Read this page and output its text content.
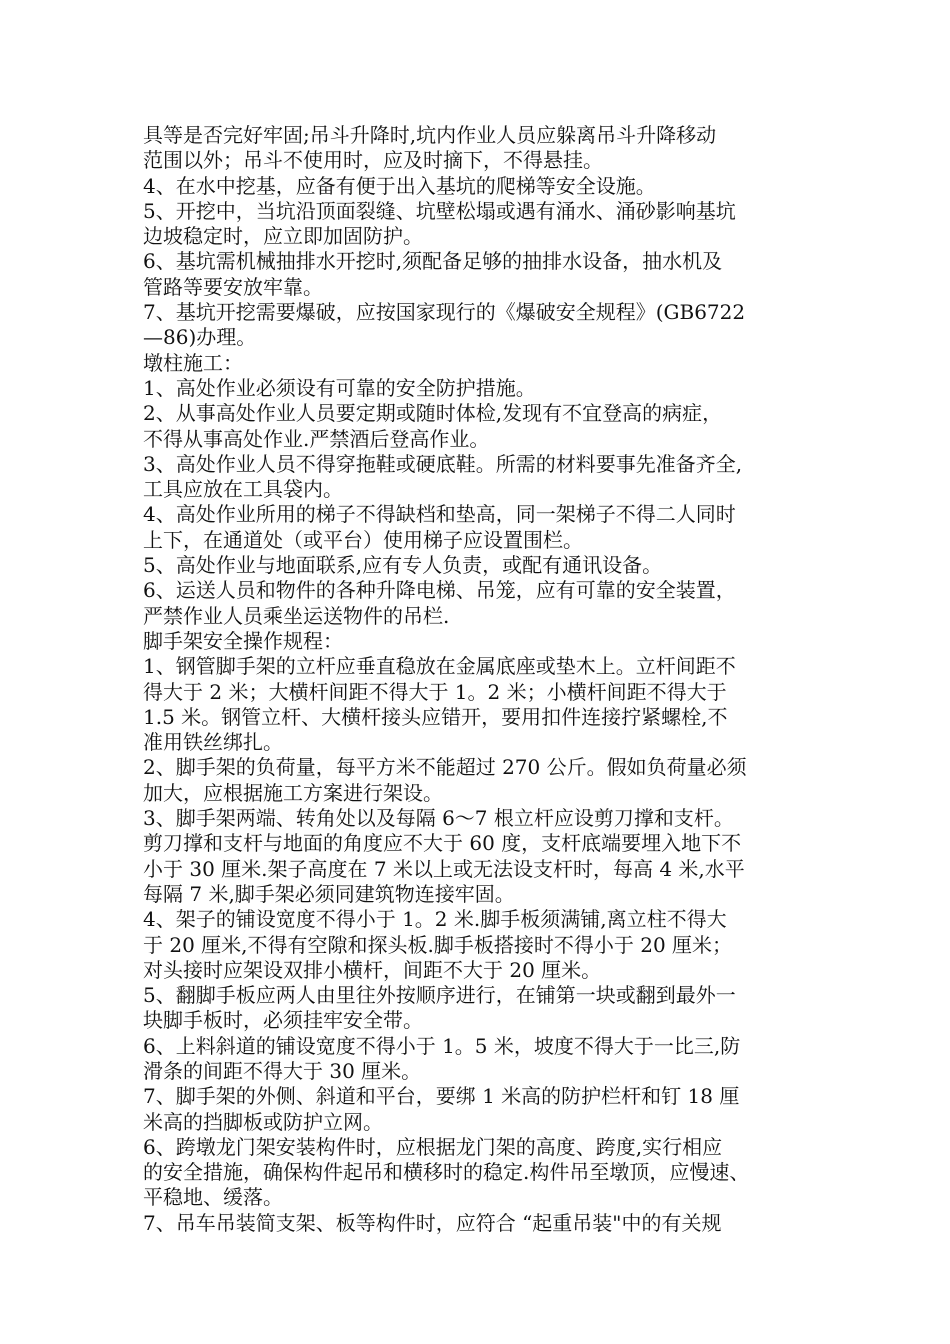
具等是否完好牢固;吊斗升降时,坑内作业人员应躲离吊斗升降移动
范围以外；吊斗不使用时，应及时摘下，不得悬挂。
4、在水中挖基，应备有便于出入基坑的爬梯等安全设施。
5、开挖中，当坑沿顶面裂缝、坑壁松塌或遇有涌水、涌砂影响基坑
边坡稳定时，应立即加固防护。
6、基坑需机械抽排水开挖时,须配备足够的抽排水设备，抽水机及
管路等要安放牢靠。
7、基坑开挖需要爆破，应按国家现行的《爆破安全规程》(GB6722
—86)办理。
墩柱施工：
1、高处作业必须设有可靠的安全防护措施。
2、从事高处作业人员要定期或随时体检,发现有不宜登高的病症，
不得从事高处作业.严禁酒后登高作业。
3、高处作业人员不得穿拖鞋或硬底鞋。所需的材料要事先准备齐全,
工具应放在工具袋内。
4、高处作业所用的梯子不得缺档和垫高，同一架梯子不得二人同时
上下，在通道处（或平台）使用梯子应设置围栏。
5、高处作业与地面联系,应有专人负责，或配有通讯设备。
6、运送人员和物件的各种升降电梯、吊笼，应有可靠的安全装置，
严禁作业人员乘坐运送物件的吊栏.
脚手架安全操作规程：
1、钢管脚手架的立杆应垂直稳放在金属底座或垫木上。立杆间距不
得大于 2 米；大横杆间距不得大于 1。2 米；小横杆间距不得大于
1.5 米。钢管立杆、大横杆接头应错开，要用扣件连接拧紧螺栓,不
准用铁丝绑扎。
2、脚手架的负荷量，每平方米不能超过 270 公斤。假如负荷量必须
加大，应根据施工方案进行架设。
3、脚手架两端、转角处以及每隔 6～7 根立杆应设剪刀撑和支杆。
剪刀撑和支杆与地面的角度应不大于 60 度，支杆底端要埋入地下不
小于 30 厘米.架子高度在 7 米以上或无法设支杆时，每高 4 米,水平
每隔 7 米,脚手架必须同建筑物连接牢固。
4、架子的铺设宽度不得小于 1。2 米.脚手板须满铺,离立柱不得大
于 20 厘米,不得有空隙和探头板.脚手板搭接时不得小于 20 厘米；
对头接时应架设双排小横杆，间距不大于 20 厘米。
5、翻脚手板应两人由里往外按顺序进行，在铺第一块或翻到最外一
块脚手板时，必须挂牢安全带。
6、上料斜道的铺设宽度不得小于 1。5 米，坡度不得大于一比三,防
滑条的间距不得大于 30 厘米。
7、脚手架的外侧、斜道和平台，要绑 1 米高的防护栏杆和钉 18 厘
米高的挡脚板或防护立网。
6、跨墩龙门架安装构件时，应根据龙门架的高度、跨度,实行相应
的安全措施，确保构件起吊和横移时的稳定.构件吊至墩顶，应慢速、
平稳地、缓落。
7、吊车吊装简支架、板等构件时，应符合 “起重吊装"中的有关规
